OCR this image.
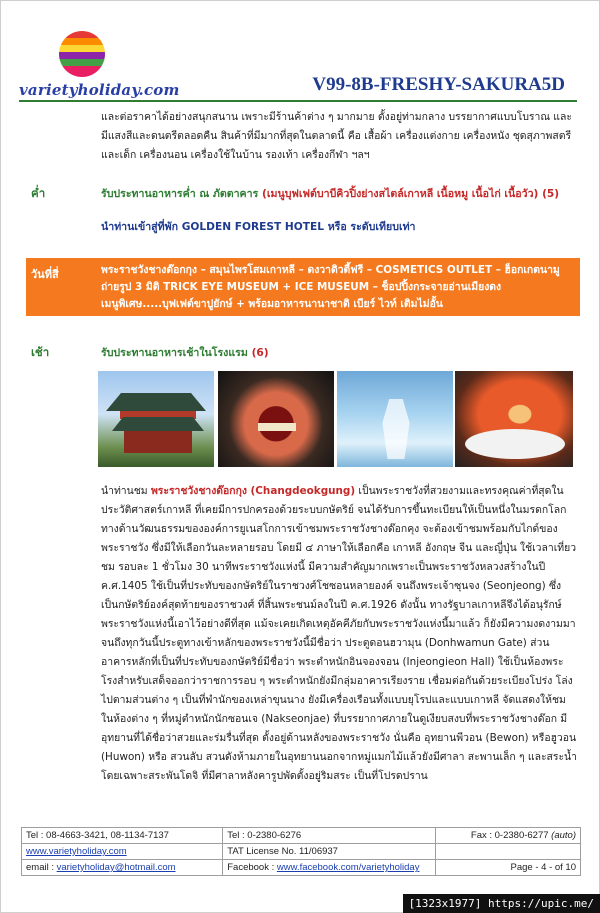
varietyholiday.com	V99-8B-FRESHY-SAKURA5D
และต่อราคาได้อย่างสนุกสนาน เพราะมีร้านค้าต่าง ๆ มากมาย ตั้งอยู่ท่ามกลาง บรรยากาศแบบโบราณ และมีแสงสีและดนตรีตลอดคืน สินค้าที่มีมากที่สุดในตลาดนี้ คือ เสื้อผ้า เครื่องแต่งกาย เครื่องหนัง ชุดสุภาพสตรีและเด็ก เครื่องนอน เครื่องใช้ในบ้าน รองเท้า เครื่องกีฬา ฯลฯ
ค่ำ	รับประทานอาหารค่ำ ณ ภัตตาคาร (เมนูบุฟเฟต์บาบีคิวปิ้งย่างสไตล์เกาหลี เนื้อหมู เนื้อไก่ เนื้อวัว) (5)
นำท่านเข้าสู่ที่พัก GOLDEN FOREST HOTEL หรือ ระดับเทียบเท่า
วันที่สี่	พระราชวังชางด๊อกกุง – สมุนไพรโสมเกาหลี – ดงวาดิวตี้ฟรี – COSMETICS OUTLET – ฮ็อกเกตนามู
ถ่ายรูป 3 มิติ TRICK EYE MUSEUM + ICE MUSEUM – ช็อปปิ้งกระจายอ่านเมียงดง
เมนูพิเศษ.....บุฟเฟต์ขาปูยักษ์ + พร้อมอาหารนานาชาติ เบียร์ ไวท์ เติมไม่อั้น
เช้า	รับประทานอาหารเช้าในโรงแรม (6)
นำท่านชม พระราชวังชางด๊อกกุง (Changdeokgung) เป็นพระราชวังที่สวยงามและทรงคุณค่าที่สุดในประวัติศาสตร์เกาหลี ที่เคยมีการปกครองด้วยระบบกษัตริย์ จนได้รับการขึ้นทะเบียนให้เป็นหนึ่งในมรดกโลกทางด้านวัฒนธรรมขององค์การยูเนสโกการเข้าชมพระราชวังชางด๊อกคุง จะต้องเข้าชมพร้อมกับไกด์ของพระราชวัง ซึ่งมีให้เลือกวันละหลายรอบ โดยมี ๔ ภาษาให้เลือกคือ เกาหลี อังกฤษ จีน และญี่ปุ่น ใช้เวลาเที่ยวชม รอบละ 1 ชั่วโมง 30 นาทีพระราชวังแห่งนี้ มีความสำคัญมากเพราะเป็นพระราชวังหลวงสร้างในปี ค.ศ.1405 ใช้เป็นที่ประทับของกษัตริย์ในราชวงศ์โชซอนหลายองค์ จนถึงพระเจ้าซุนจง (Seonjeong) ซึ่งเป็นกษัตริย์องค์สุดท้ายของราชวงศ์ ที่สิ้นพระชนม์ลงในปี ค.ศ.1926 ดังนั้น ทางรัฐบาลเกาหลีจึงได้อนุรักษ์พระราชวังแห่งนี้เอาไว้อย่างดีที่สุด แม้จะเคยเกิดเหตุอัคคีภัยกับพระราชวังแห่งนี้มาแล้ว ก็ยังมีความงดงามมาจนถึงทุกวันนี้ประตูทางเข้าหลักของพระราชวังนี้มีชื่อว่า ประตูดอนฮวามุน (Donhwamun Gate) ส่วนอาคารหลักที่เป็นที่ประทับของกษัตริย์มีชื่อว่า พระตำหนักอินจองจอน (Injeongieon Hall) ใช้เป็นห้องพระโรงสำหรับเสด็จออกว่าราชการรอบ ๆ พระตำหนักยังมีกลุ่มอาคารเรียงราย เชื่อมต่อกันด้วยระเบียงโปร่ง โล่งไปตามส่วนต่าง ๆ เป็นที่พำนักของเหล่าขุนนาง ยังมีเครื่องเรือนทั้งแบบยุโรปและแบบเกาหลี จัดแสดงให้ชมในห้องต่าง ๆ ที่หมู่ตำหนักนักซอนเจ (Nakseonjae) ที่บรรยากาศภายในดูเงียบสงบที่พระราชวังชางด๊อก มีอุทยานที่ได้ชื่อว่าสวยและร่มรื่นที่สุด ตั้งอยู่ด้านหลังของพระราชวัง นั่นคือ อุทยานพีวอน (Bewon) หรือฮูวอน (Huwon) หรือ สวนลับ สวนดังห้ามภายในอุทยานนอกจากหมู่แมกไม้แล้วยังมีศาลา สะพานเล็ก ๆ และสระน้ำ โดยเฉพาะสระพันโดจิ ที่มีศาลาหลังคารูปพัดตั้งอยู่ริมสระ เป็นที่โปรดปราน
Tel : 08-4663-3421, 08-1134-7137	Tel : 0-2380-6276	Fax : 0-2380-6277 (auto)
www.varietyholiday.com	TAT License No. 11/06937	
email : varietyholiday@hotmail.com	Facebook : www.facebook.com/varietyholiday	Page - 4 - of 10
[1323x1977] https://upic.me/
